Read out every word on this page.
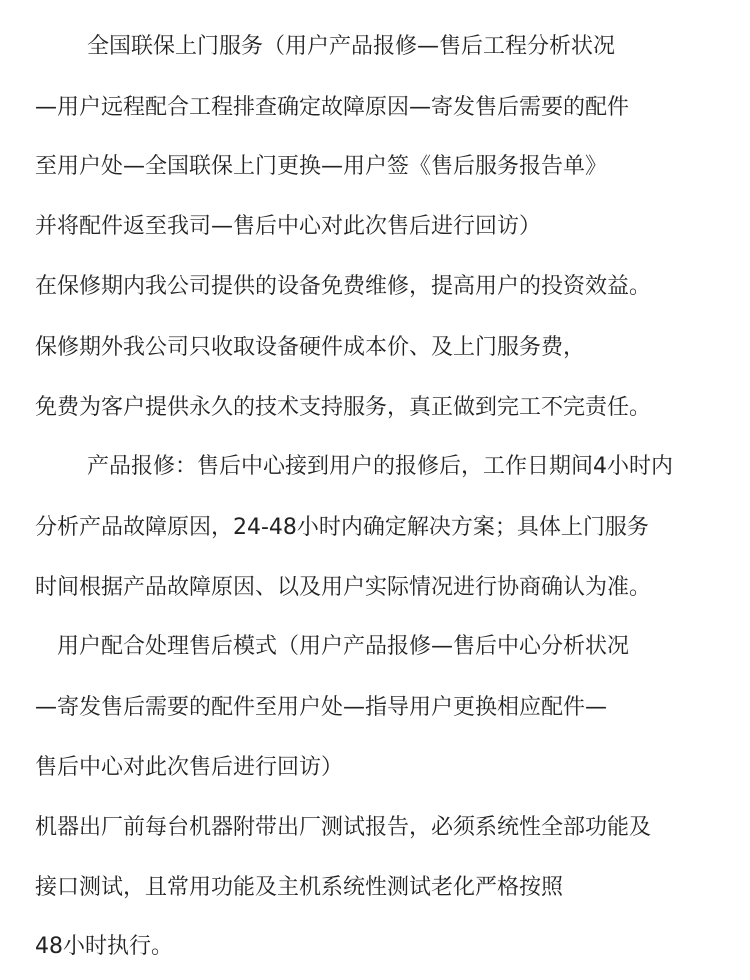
全国联保上门服务（用户产品报修—售后工程分析状况
—用户远程配合工程排查确定故障原因—寄发售后需要的配件
至用户处—全国联保上门更换—用户签《售后服务报告单》
并将配件返至我司—售后中心对此次售后进行回访）
在保修期内我公司提供的设备免费维修，提高用户的投资效益。
保修期外我公司只收取设备硬件成本价、及上门服务费，
免费为客户提供永久的技术支持服务，真正做到完工不完责任。
产品报修：售后中心接到用户的报修后，工作日期间4小时内
分析产品故障原因，24-48小时内确定解决方案；具体上门服务
时间根据产品故障原因、以及用户实际情况进行协商确认为准。
用户配合处理售后模式（用户产品报修—售后中心分析状况
—寄发售后需要的配件至用户处—指导用户更换相应配件—
售后中心对此次售后进行回访）
机器出厂前每台机器附带出厂测试报告，必须系统性全部功能及
接口测试，且常用功能及主机系统性测试老化严格按照
48小时执行。
